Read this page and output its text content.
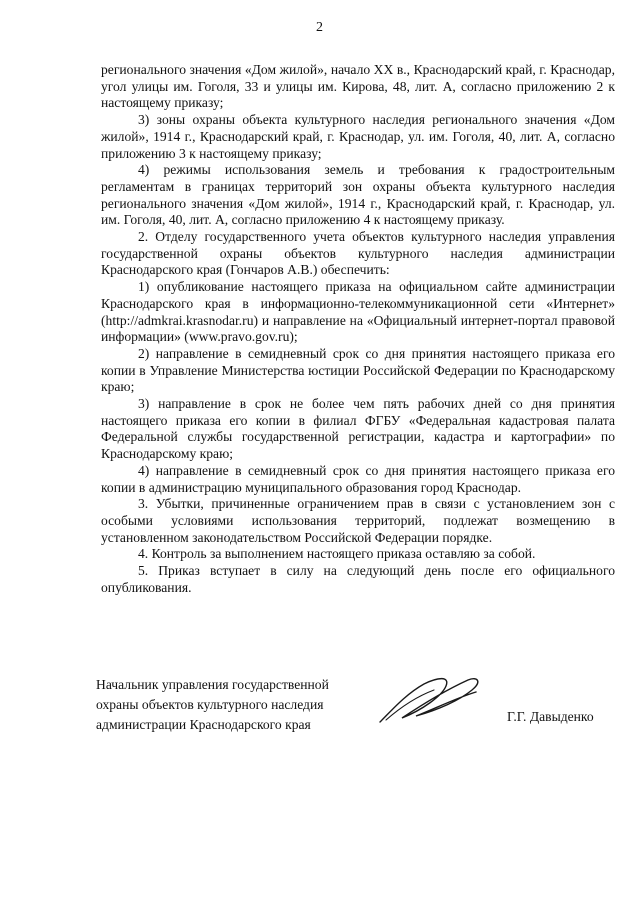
2

регионального значения «Дом жилой», начало XX в., Краснодарский край, г. Краснодар, угол улицы им. Гоголя, 33 и улицы им. Кирова, 48, лит. А, согласно приложению 2 к настоящему приказу;

3) зоны охраны объекта культурного наследия регионального значения «Дом жилой», 1914 г., Краснодарский край, г. Краснодар, ул. им. Гоголя, 40, лит. А, согласно приложению 3 к настоящему приказу;

4) режимы использования земель и требования к градостроительным регламентам в границах территорий зон охраны объекта культурного наследия регионального значения «Дом жилой», 1914 г., Краснодарский край, г. Краснодар, ул. им. Гоголя, 40, лит. А, согласно приложению 4 к настоящему приказу.

2. Отделу государственного учета объектов культурного наследия управления государственной охраны объектов культурного наследия администрации Краснодарского края (Гончаров А.В.) обеспечить:

1) опубликование настоящего приказа на официальном сайте администрации Краснодарского края в информационно-телекоммуникационной сети «Интернет» (http://admkrai.krasnodar.ru) и направление на «Официальный интернет-портал правовой информации» (www.pravo.gov.ru);

2) направление в семидневный срок со дня принятия настоящего приказа его копии в Управление Министерства юстиции Российской Федерации по Краснодарскому краю;

3) направление в срок не более чем пять рабочих дней со дня принятия настоящего приказа его копии в филиал ФГБУ «Федеральная кадастровая палата Федеральной службы государственной регистрации, кадастра и картографии» по Краснодарскому краю;

4) направление в семидневный срок со дня принятия настоящего приказа его копии в администрацию муниципального образования город Краснодар.

3. Убытки, причиненные ограничением прав в связи с установлением зон с особыми условиями использования территорий, подлежат возмещению в установленном законодательством Российской Федерации порядке.

4. Контроль за выполнением настоящего приказа оставляю за собой.

5. Приказ вступает в силу на следующий день после его официального опубликования.

Начальник управления государственной
охраны объектов культурного наследия
администрации Краснодарского края
Г.Г. Давыденко
